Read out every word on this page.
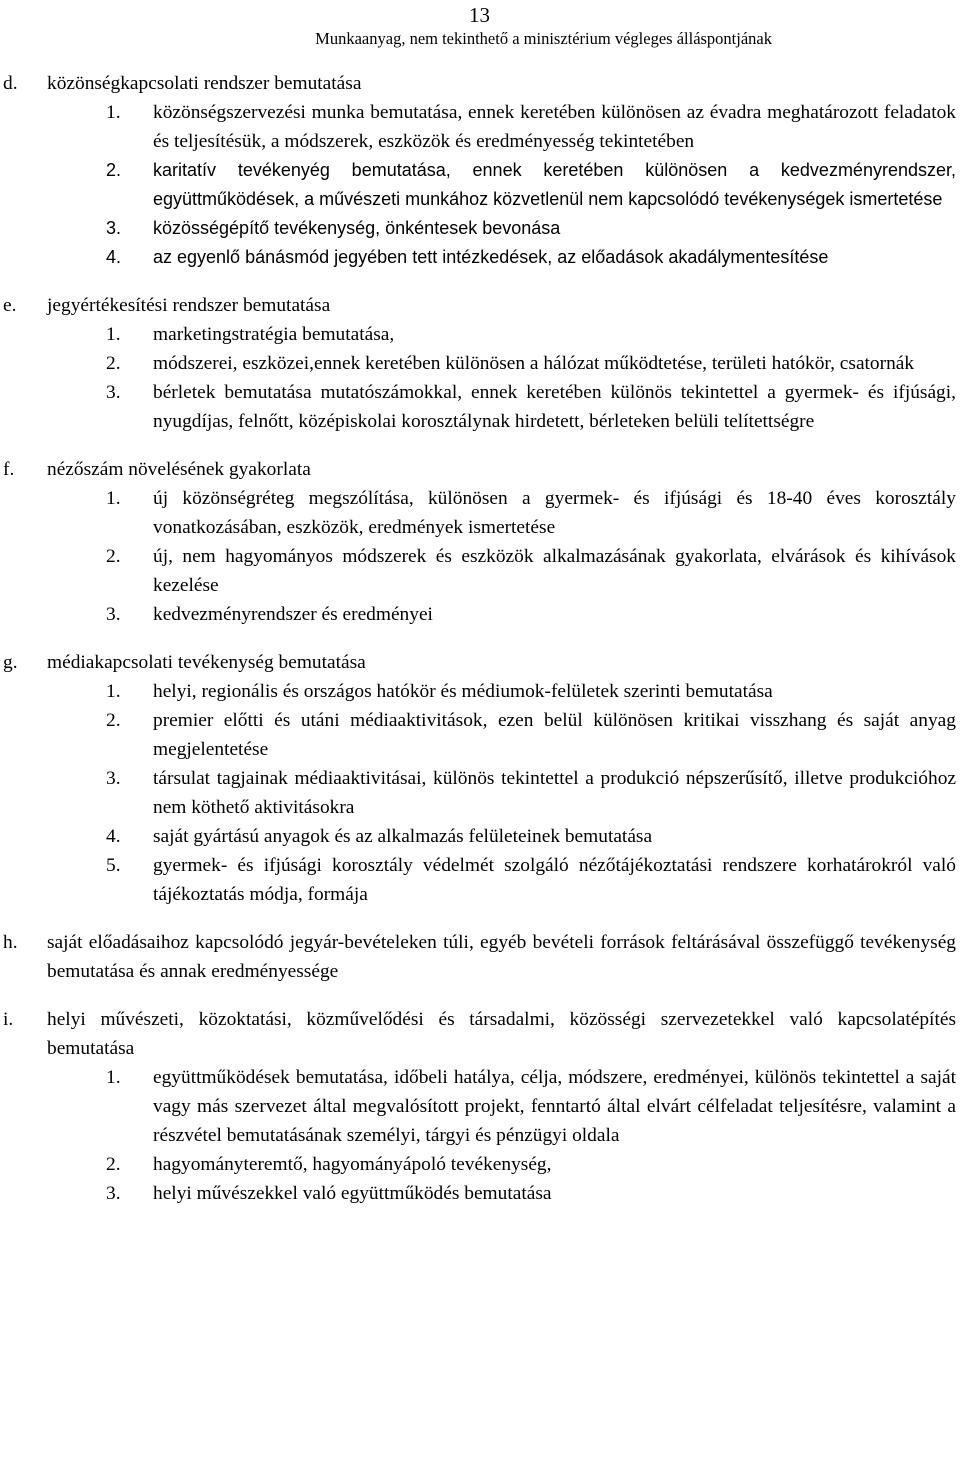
13
Munkaanyag, nem tekinthető a minisztérium végleges álláspontjának
d.	közönségkapcsolati rendszer bemutatása
1.	közönségszervezési munka bemutatása, ennek keretében különösen az évadra meghatározott feladatok és teljesítésük, a módszerek, eszközök és eredményesség tekintetében
2.	karitatív tevékenyég bemutatása, ennek keretében különösen a kedvezményrendszer, együttműködések, a művészeti munkához közvetlenül nem kapcsolódó tevékenységek ismertetése
3.	közösségépítő tevékenység, önkéntesek bevonása
4.	az egyenlő bánásmód jegyében tett intézkedések, az előadások akadálymentesítése
e.	jegyértékesítési rendszer bemutatása
1.	marketingstratégia bemutatása,
2.	módszerei, eszközei,ennek keretében különösen a hálózat működtetése, területi hatókör, csatornák
3.	bérletek bemutatása mutatószámokkal, ennek keretében különös tekintettel a gyermek- és ifjúsági, nyugdíjas, felnőtt, középiskolai korosztálynak hirdetett, bérleteken belüli telítettségre
f.	nézőszám növelésének gyakorlata
1.	új közönségréteg megszólítása, különösen a gyermek- és ifjúsági és 18-40 éves korosztály vonatkozásában, eszközök, eredmények ismertetése
2.	új, nem hagyományos módszerek és eszközök alkalmazásának gyakorlata, elvárások és kihívások kezelése
3.	kedvezményrendszer és eredményei
g.	médiakapcsolati tevékenység bemutatása
1.	helyi, regionális és országos hatókör és médiumok-felületek szerinti bemutatása
2.	premier előtti és utáni médiaaktivitások, ezen belül különösen kritikai visszhang és saját anyag megjelentetése
3.	társulat tagjainak médiaaktivitásai, különös tekintettel a produkció népszerűsítő, illetve produkcióhoz nem köthető aktivitásokra
4.	saját gyártású anyagok és az alkalmazás felületeinek bemutatása
5.	gyermek- és ifjúsági korosztály védelmét szolgáló nézőtájékoztatási rendszere korhatárokról való tájékoztatás módja, formája
h.	saját előadásaihoz kapcsolódó jegyár-bevételeken túli, egyéb bevételi források feltárásával összefüggő tevékenység bemutatása és annak eredményessége
i.	helyi művészeti, közoktatási, közművelődési és társadalmi, közösségi szervezetekkel való kapcsolatépítés bemutatása
1.	együttműködések bemutatása, időbeli hatálya, célja, módszere, eredményei, különös tekintettel a saját vagy más szervezet által megvalósított projekt, fenntartó által elvárt célfeladat teljesítésre, valamint a részvétel bemutatásának személyi, tárgyi és pénzügyi oldala
2.	hagyományteremtő, hagyományápoló tevékenység,
3.	helyi művészekkel való együttműködés bemutatása
